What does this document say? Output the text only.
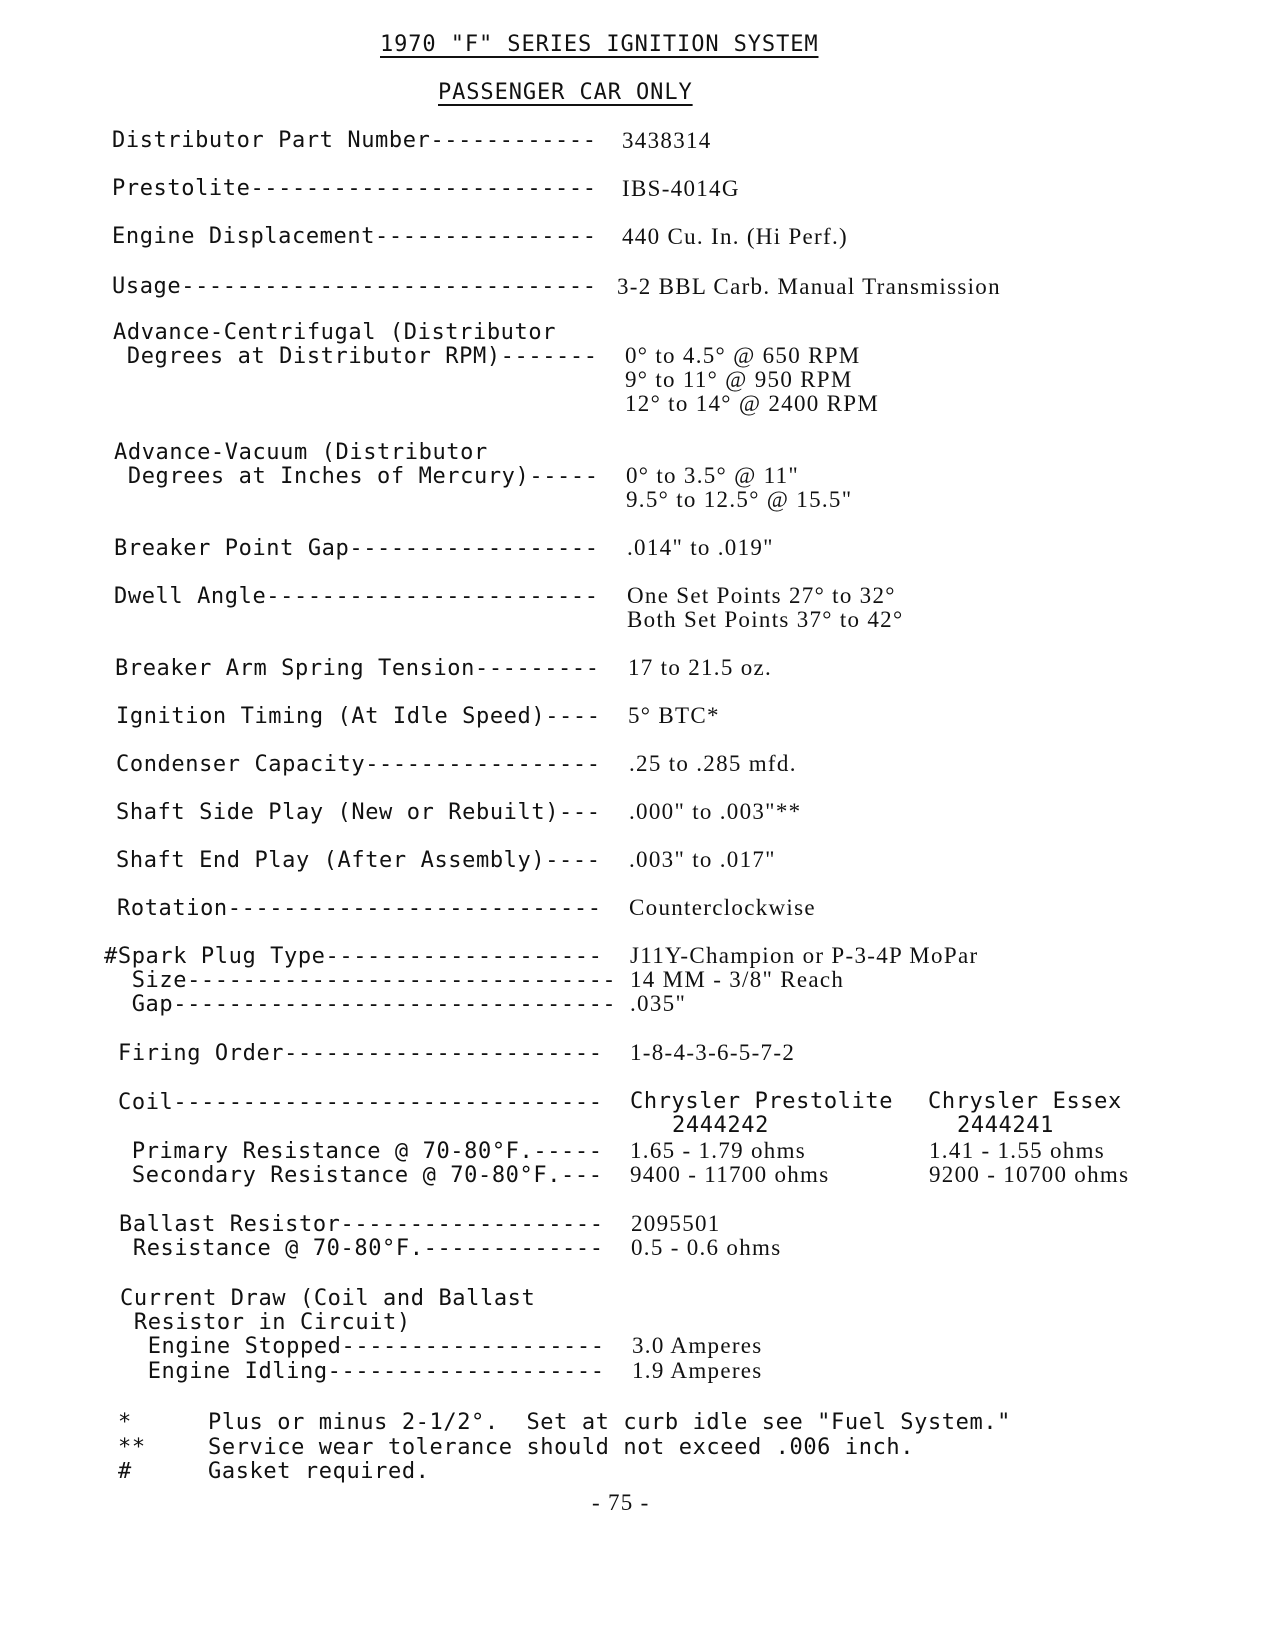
1970 "F" SERIES IGNITION SYSTEM
PASSENGER CAR ONLY
Distributor Part Number------------ 3438314
Prestolite------------------------- IBS-4014G
Engine Displacement---------------- 440 Cu. In. (Hi Perf.)
Usage------------------------------ 3-2 BBL Carb. Manual Transmission
Advance-Centrifugal (Distributor
Degrees at Distributor RPM)------- 0° to 4.5° @ 650 RPM
9° to 11° @ 950 RPM
12° to 14° @ 2400 RPM
Advance-Vacuum (Distributor
Degrees at Inches of Mercury)----- 0° to 3.5° @ 11"
9.5° to 12.5° @ 15.5"
Breaker Point Gap------------------ .014" to .019"
Dwell Angle------------------------ One Set Points 27° to 32°
Both Set Points 37° to 42°
Breaker Arm Spring Tension--------- 17 to 21.5 oz.
Ignition Timing (At Idle Speed)---- 5° BTC*
Condenser Capacity----------------- .25 to .285 mfd.
Shaft Side Play (New or Rebuilt)--- .000" to .003"**
Shaft End Play (After Assembly)---- .003" to .017"
Rotation--------------------------- Counterclockwise
#Spark Plug Type-------------------- J11Y-Champion or P-3-4P MoPar
Size------------------------------- 14 MM - 3/8" Reach
Gap-------------------------------- .035"
Firing Order----------------------- 1-8-4-3-6-5-7-2
Coil------------------------------- Chrysler Prestolite Chrysler Essex
2444242	2444241
Primary Resistance @ 70-80°F.----- 1.65 - 1.79 ohms	1.41 - 1.55 ohms
Secondary Resistance @ 70-80°F.--- 9400 - 11700 ohms	9200 - 10700 ohms
Ballast Resistor------------------- 2095501
Resistance @ 70-80°F.------------- 0.5 - 0.6 ohms
Current Draw (Coil and Ballast
Resistor in Circuit)
Engine Stopped------------------- 3.0 Amperes
Engine Idling-------------------- 1.9 Amperes
*	Plus or minus 2-1/2°.  Set at curb idle see "Fuel System."
**	Service wear tolerance should not exceed .006 inch.
#	Gasket required.
- 75 -
